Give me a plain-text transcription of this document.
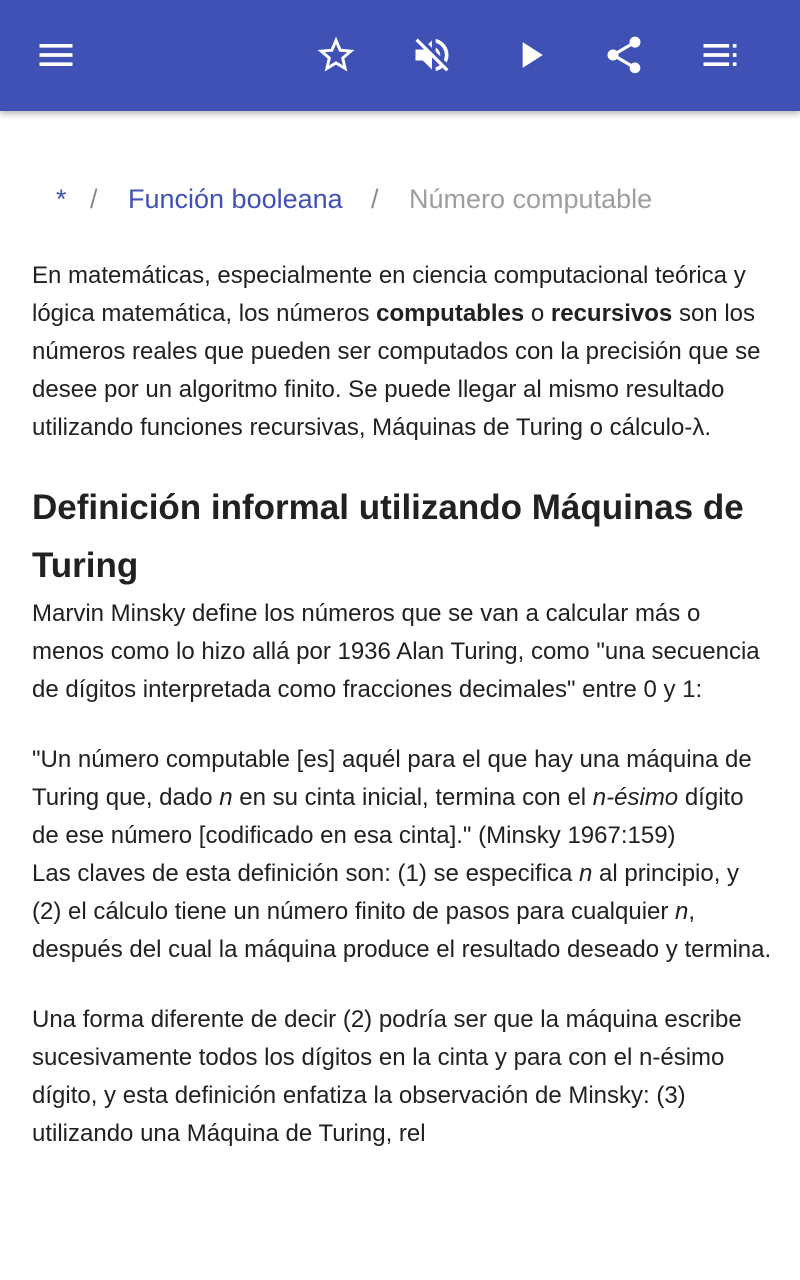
* / Función booleana / Número computable

En matemáticas, especialmente en ciencia computacional teórica y lógica matemática, los números computables o recursivos son los números reales que pueden ser computados con la precisión que se desee por un algoritmo finito. Se puede llegar al mismo resultado utilizando funciones recursivas, Máquinas de Turing o cálculo-λ.

Definición informal utilizando Máquinas de Turing

Marvin Minsky define los números que se van a calcular más o menos como lo hizo allá por 1936 Alan Turing, como "una secuencia de dígitos interpretada como fracciones decimales" entre 0 y 1:

"Un número computable [es] aquél para el que hay una máquina de Turing que, dado n en su cinta inicial, termina con el n-ésimo dígito de ese número [codificado en esa cinta]." (Minsky 1967:159)

Las claves de esta definición son: (1) se especifica n al principio, y (2) el cálculo tiene un número finito de pasos para cualquier n, después del cual la máquina produce el resultado deseado y termina.

Una forma diferente de decir (2) podría ser que la máquina escribe sucesivamente todos los dígitos en la cinta y para con el n-ésimo dígito, y esta definición enfatiza la observación de Minsky: (3) utilizando una Máquina de Turing, rel
